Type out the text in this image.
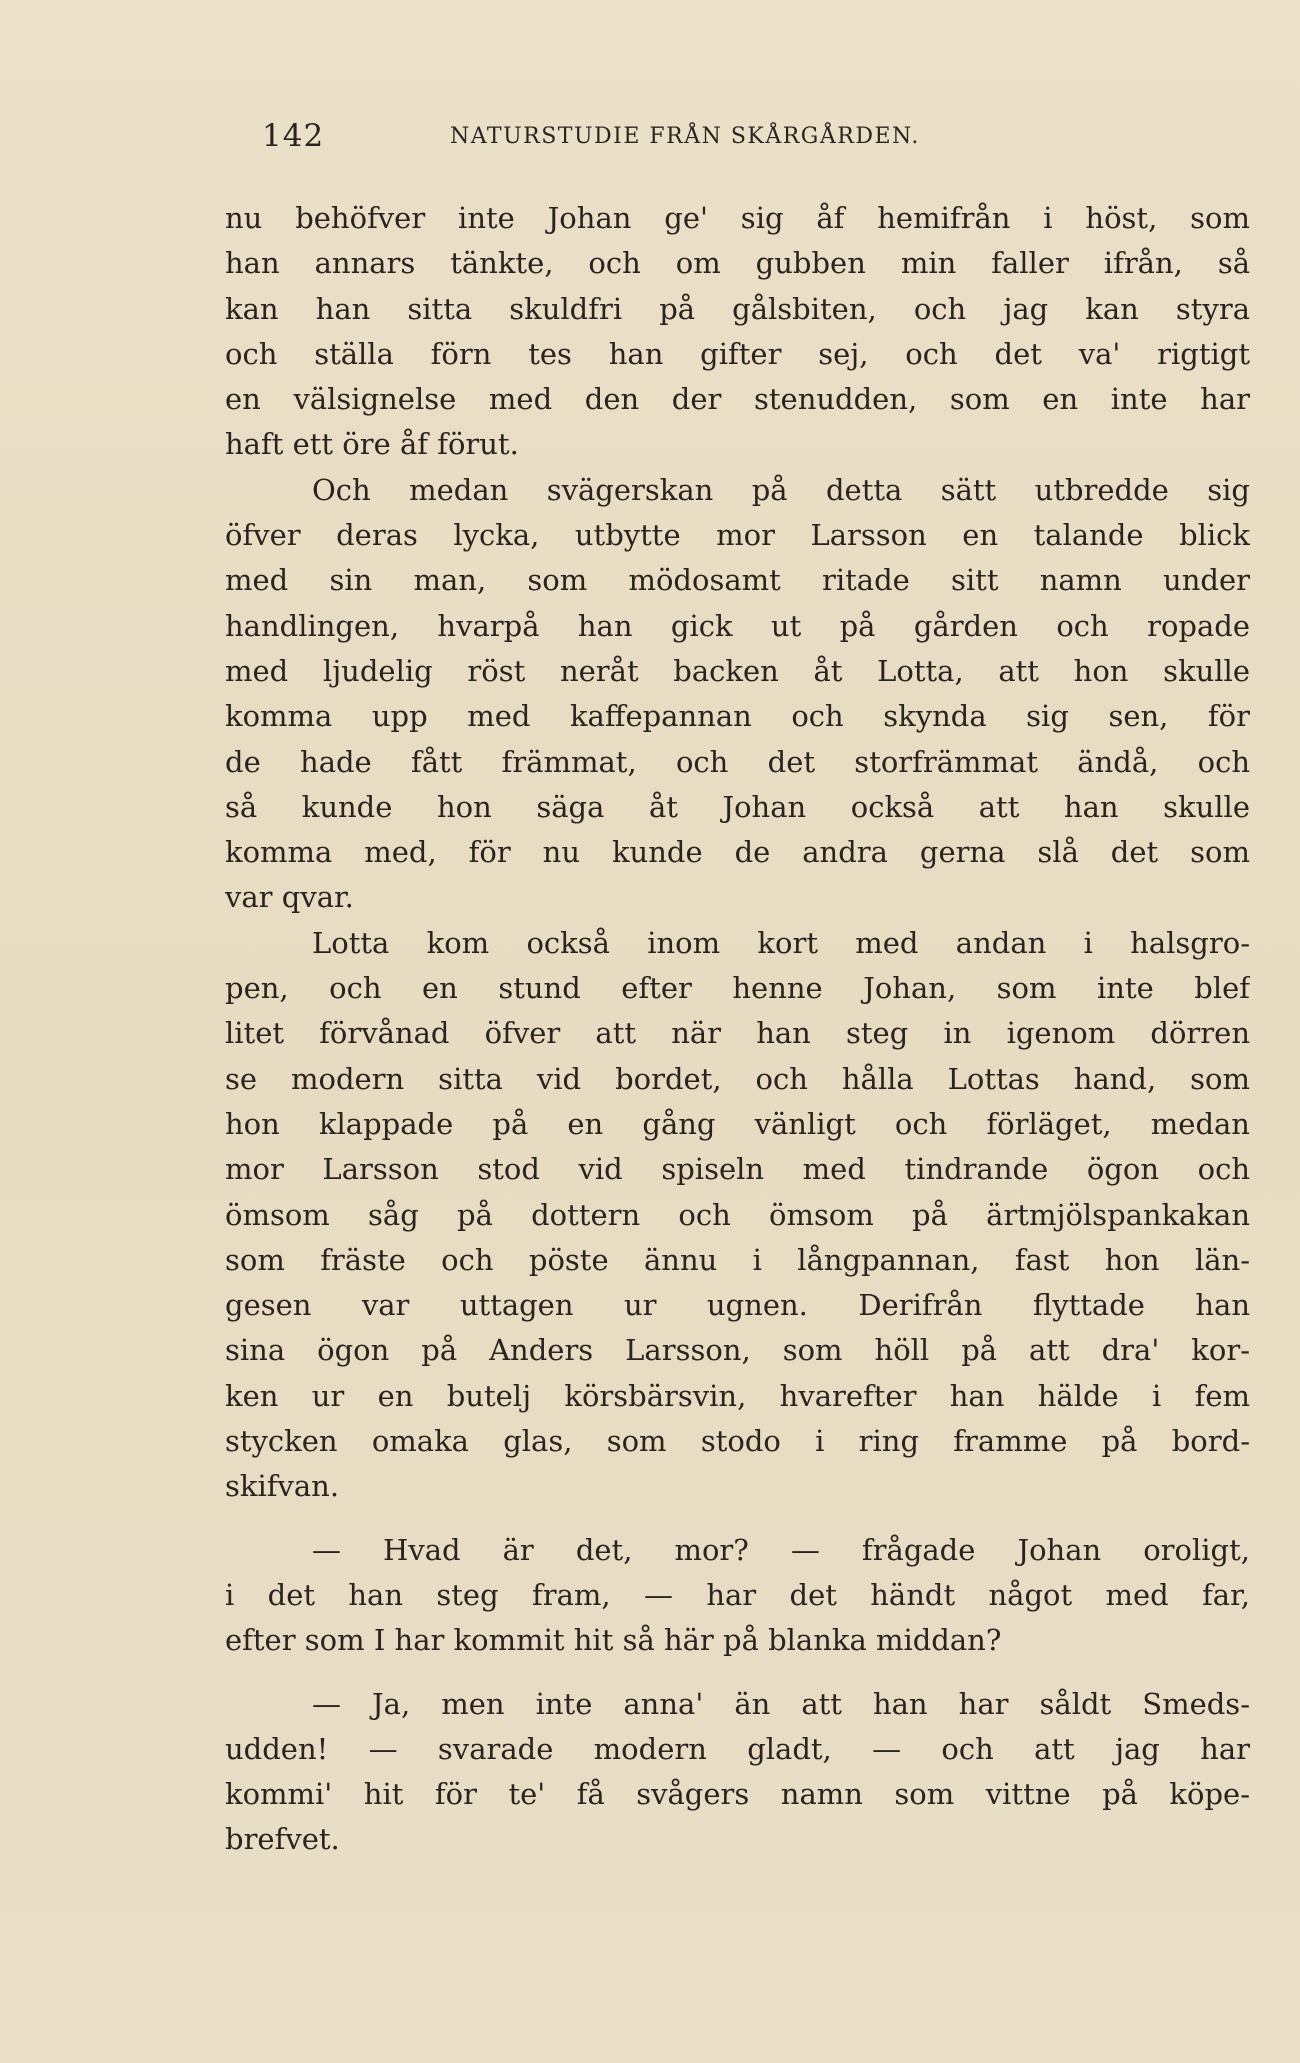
142	NATURSTUDIE FRÅN SKÅRGÅRDEN.
nu behöfver inte Johan ge' sig åf hemifrån i höst, som
han annars tänkte, och om gubben min faller ifrån, så
kan han sitta skuldfri på gålsbiten, och jag kan styra
och ställa förn tes han gifter sej, och det va' rigtigt
en välsignelse med den der stenudden, som en inte har
haft ett öre åf förut.
Och medan svägerskan på detta sätt utbredde sig
öfver deras lycka, utbytte mor Larsson en talande blick
med sin man, som mödosamt ritade sitt namn under
handlingen, hvarpå han gick ut på gården och ropade
med ljudelig röst neråt backen åt Lotta, att hon skulle
komma upp med kaffepannan och skynda sig sen, för
de hade fått främmat, och det storfrämmat ändå, och
så kunde hon säga åt Johan också att han skulle
komma med, för nu kunde de andra gerna slå det som
var qvar.
Lotta kom också inom kort med andan i halsgro-
pen, och en stund efter henne Johan, som inte blef
litet förvånad öfver att när han steg in igenom dörren
se modern sitta vid bordet, och hålla Lottas hand, som
hon klappade på en gång vänligt och förläget, medan
mor Larsson stod vid spiseln med tindrande ögon och
ömsom såg på dottern och ömsom på ärtmjölspankakan
som fräste och pöste ännu i långpannan, fast hon län-
gesen var uttagen ur ugnen. Derifrån flyttade han
sina ögon på Anders Larsson, som höll på att dra' kor-
ken ur en butelj körsbärsvin, hvarefter han hälde i fem
stycken omaka glas, som stodo i ring framme på bord-
skifvan.
— Hvad är det, mor? — frågade Johan oroligt,
i det han steg fram, — har det händt något med far,
efter som I har kommit hit så här på blanka middan?
— Ja, men inte anna' än att han har såldt Smeds-
udden! — svarade modern gladt, — och att jag har
kommi' hit för te' få svågers namn som vittne på köpe-
brefvet.
